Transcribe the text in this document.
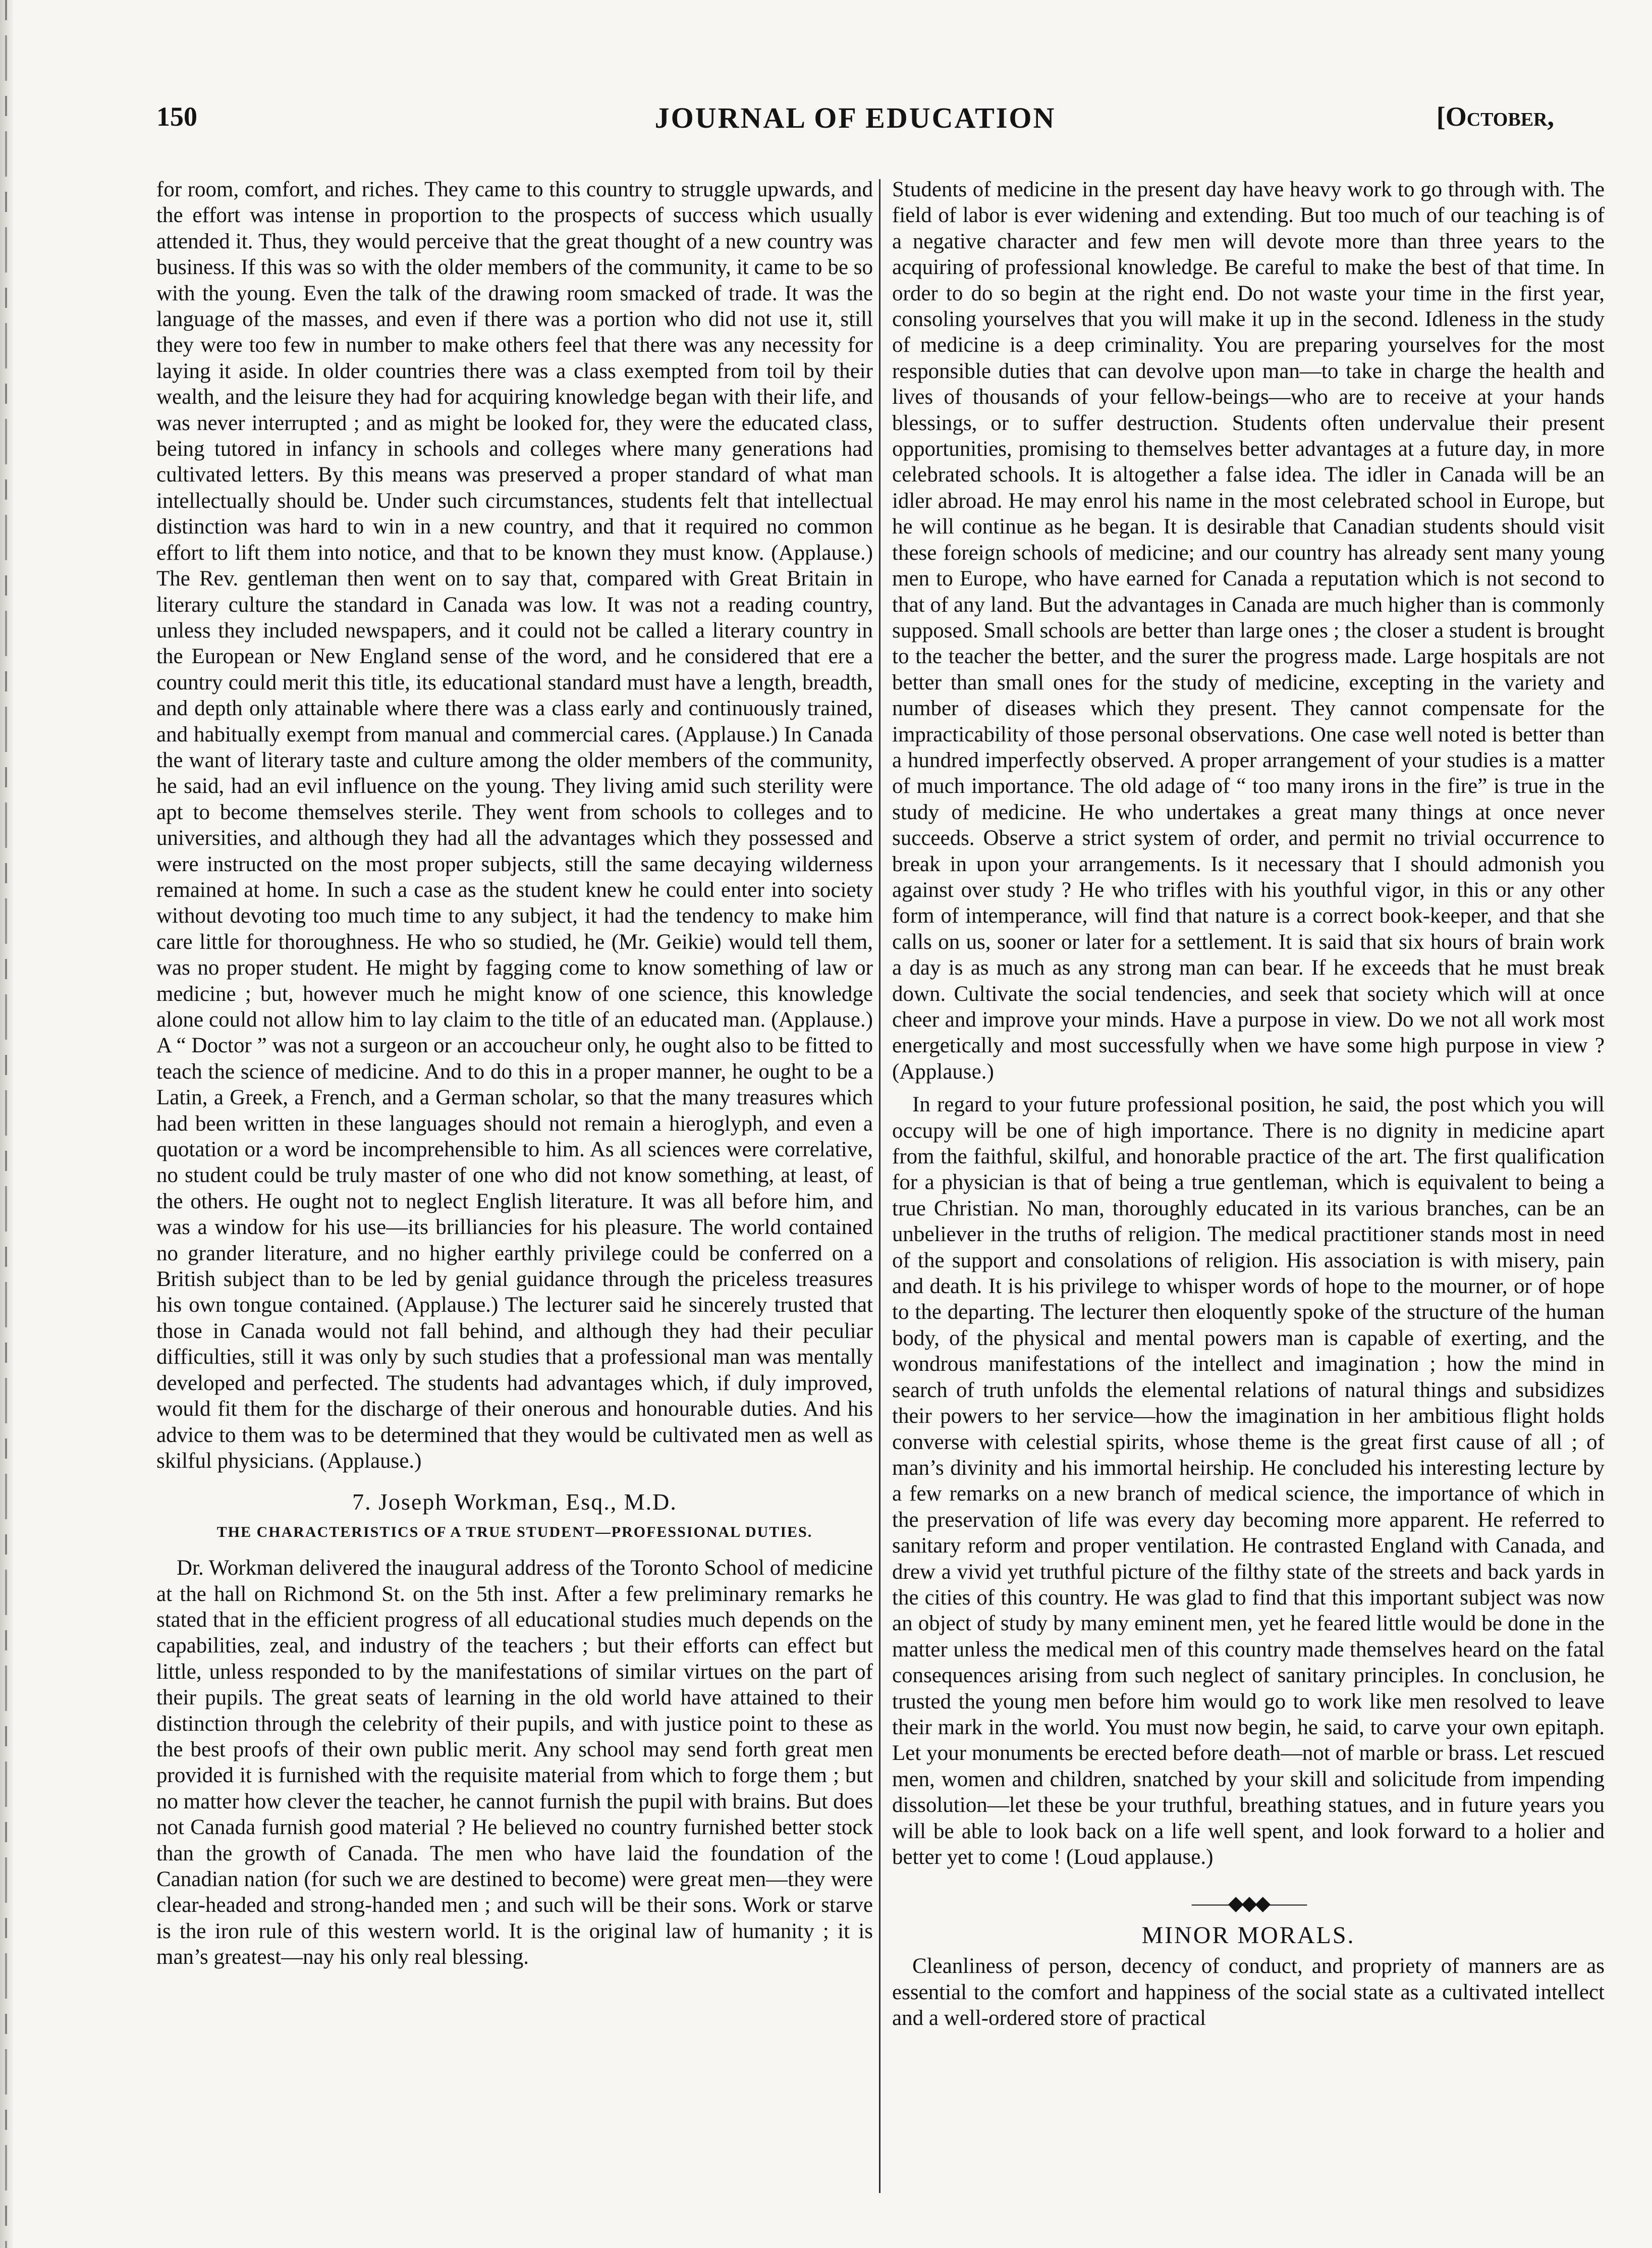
150	JOURNAL OF EDUCATION	[October,

for room, comfort, and riches. They came to this country to struggle upwards, and the effort was intense in proportion to the prospects of success which usually attended it. Thus, they would perceive that the great thought of a new country was business. If this was so with the older members of the community, it came to be so with the young. Even the talk of the drawing room smacked of trade. It was the language of the masses, and even if there was a portion who did not use it, still they were too few in number to make others feel that there was any necessity for laying it aside. In older countries there was a class exempted from toil by their wealth, and the leisure they had for acquiring knowledge began with their life, and was never interrupted ; and as might be looked for, they were the educated class, being tutored in infancy in schools and colleges where many generations had cultivated letters. By this means was preserved a proper standard of what man intellectually should be. Under such circumstances, students felt that intellectual distinction was hard to win in a new country, and that it required no common effort to lift them into notice, and that to be known they must know. (Applause.) The Rev. gentleman then went on to say that, compared with Great Britain in literary culture the standard in Canada was low. It was not a reading country, unless they included newspapers, and it could not be called a literary country in the European or New England sense of the word, and he considered that ere a country could merit this title, its educational standard must have a length, breadth, and depth only attainable where there was a class early and continuously trained, and habitually exempt from manual and commercial cares. (Applause.) In Canada the want of literary taste and culture among the older members of the community, he said, had an evil influence on the young. They living amid such sterility were apt to become themselves sterile. They went from schools to colleges and to universities, and although they had all the advantages which they possessed and were instructed on the most proper subjects, still the same decaying wilderness remained at home. In such a case as the student knew he could enter into society without devoting too much time to any subject, it had the tendency to make him care little for thoroughness. He who so studied, he (Mr. Geikie) would tell them, was no proper student. He might by fagging come to know something of law or medicine ; but, however much he might know of one science, this knowledge alone could not allow him to lay claim to the title of an educated man. (Applause.) A “ Doctor ” was not a surgeon or an accoucheur only, he ought also to be fitted to teach the science of medicine. And to do this in a proper manner, he ought to be a Latin, a Greek, a French, and a German scholar, so that the many treasures which had been written in these languages should not remain a hieroglyph, and even a quotation or a word be incomprehensible to him. As all sciences were correlative, no student could be truly master of one who did not know something, at least, of the others. He ought not to neglect English literature. It was all before him, and was a window for his use—its brilliancies for his pleasure. The world contained no grander literature, and no higher earthly privilege could be conferred on a British subject than to be led by genial guidance through the priceless treasures his own tongue contained. (Applause.) The lecturer said he sincerely trusted that those in Canada would not fall behind, and although they had their peculiar difficulties, still it was only by such studies that a professional man was mentally developed and perfected. The students had advantages which, if duly improved, would fit them for the discharge of their onerous and honourable duties. And his advice to them was to be determined that they would be cultivated men as well as skilful physicians. (Applause.)

7. Joseph Workman, Esq., M.D.
THE CHARACTERISTICS OF A TRUE STUDENT—PROFESSIONAL DUTIES.

Dr. Workman delivered the inaugural address of the Toronto School of medicine at the hall on Richmond St. on the 5th inst. After a few preliminary remarks he stated that in the efficient progress of all educational studies much depends on the capabilities, zeal, and industry of the teachers ; but their efforts can effect but little, unless responded to by the manifestations of similar virtues on the part of their pupils. The great seats of learning in the old world have attained to their distinction through the celebrity of their pupils, and with justice point to these as the best proofs of their own public merit. Any school may send forth great men provided it is furnished with the requisite material from which to forge them ; but no matter how clever the teacher, he cannot furnish the pupil with brains. But does not Canada furnish good material ? He believed no country furnished better stock than the growth of Canada. The men who have laid the foundation of the Canadian nation (for such we are destined to become) were great men—they were clear-headed and strong-handed men ; and such will be their sons. Work or starve is the iron rule of this western world. It is the original law of humanity ; it is man’s greatest—nay his only real blessing.

Students of medicine in the present day have heavy work to go through with. The field of labor is ever widening and extending. But too much of our teaching is of a negative character and few men will devote more than three years to the acquiring of professional knowledge. Be careful to make the best of that time. In order to do so begin at the right end. Do not waste your time in the first year, consoling yourselves that you will make it up in the second. Idleness in the study of medicine is a deep criminality. You are preparing yourselves for the most responsible duties that can devolve upon man—to take in charge the health and lives of thousands of your fellow-beings—who are to receive at your hands blessings, or to suffer destruction. Students often undervalue their present opportunities, promising to themselves better advantages at a future day, in more celebrated schools. It is altogether a false idea. The idler in Canada will be an idler abroad. He may enrol his name in the most celebrated school in Europe, but he will continue as he began. It is desirable that Canadian students should visit these foreign schools of medicine; and our country has already sent many young men to Europe, who have earned for Canada a reputation which is not second to that of any land. But the advantages in Canada are much higher than is commonly supposed. Small schools are better than large ones ; the closer a student is brought to the teacher the better, and the surer the progress made. Large hospitals are not better than small ones for the study of medicine, excepting in the variety and number of diseases which they present. They cannot compensate for the impracticability of those personal observations. One case well noted is better than a hundred imperfectly observed. A proper arrangement of your studies is a matter of much importance. The old adage of “ too many irons in the fire” is true in the study of medicine. He who undertakes a great many things at once never succeeds. Observe a strict system of order, and permit no trivial occurrence to break in upon your arrangements. Is it necessary that I should admonish you against over study ? He who trifles with his youthful vigor, in this or any other form of intemperance, will find that nature is a correct book-keeper, and that she calls on us, sooner or later for a settlement. It is said that six hours of brain work a day is as much as any strong man can bear. If he exceeds that he must break down. Cultivate the social tendencies, and seek that society which will at once cheer and improve your minds. Have a purpose in view. Do we not all work most energetically and most successfully when we have some high purpose in view ? (Applause.)

In regard to your future professional position, he said, the post which you will occupy will be one of high importance. There is no dignity in medicine apart from the faithful, skilful, and honorable practice of the art. The first qualification for a physician is that of being a true gentleman, which is equivalent to being a true Christian. No man, thoroughly educated in its various branches, can be an unbeliever in the truths of religion. The medical practitioner stands most in need of the support and consolations of religion. His association is with misery, pain and death. It is his privilege to whisper words of hope to the mourner, or of hope to the departing. The lecturer then eloquently spoke of the structure of the human body, of the physical and mental powers man is capable of exerting, and the wondrous manifestations of the intellect and imagination ; how the mind in search of truth unfolds the elemental relations of natural things and subsidizes their powers to her service—how the imagination in her ambitious flight holds converse with celestial spirits, whose theme is the great first cause of all ; of man’s divinity and his immortal heirship. He concluded his interesting lecture by a few remarks on a new branch of medical science, the importance of which in the preservation of life was every day becoming more apparent. He referred to sanitary reform and proper ventilation. He contrasted England with Canada, and drew a vivid yet truthful picture of the filthy state of the streets and back yards in the cities of this country. He was glad to find that this important subject was now an object of study by many eminent men, yet he feared little would be done in the matter unless the medical men of this country made themselves heard on the fatal consequences arising from such neglect of sanitary principles. In conclusion, he trusted the young men before him would go to work like men resolved to leave their mark in the world. You must now begin, he said, to carve your own epitaph. Let your monuments be erected before death—not of marble or brass. Let rescued men, women and children, snatched by your skill and solicitude from impending dissolution—let these be your truthful, breathing statues, and in future years you will be able to look back on a life well spent, and look forward to a holier and better yet to come ! (Loud applause.)

——◆◆◆——
MINOR MORALS.

Cleanliness of person, decency of conduct, and propriety of manners are as essential to the comfort and happiness of the social state as a cultivated intellect and a well-ordered store of practical
